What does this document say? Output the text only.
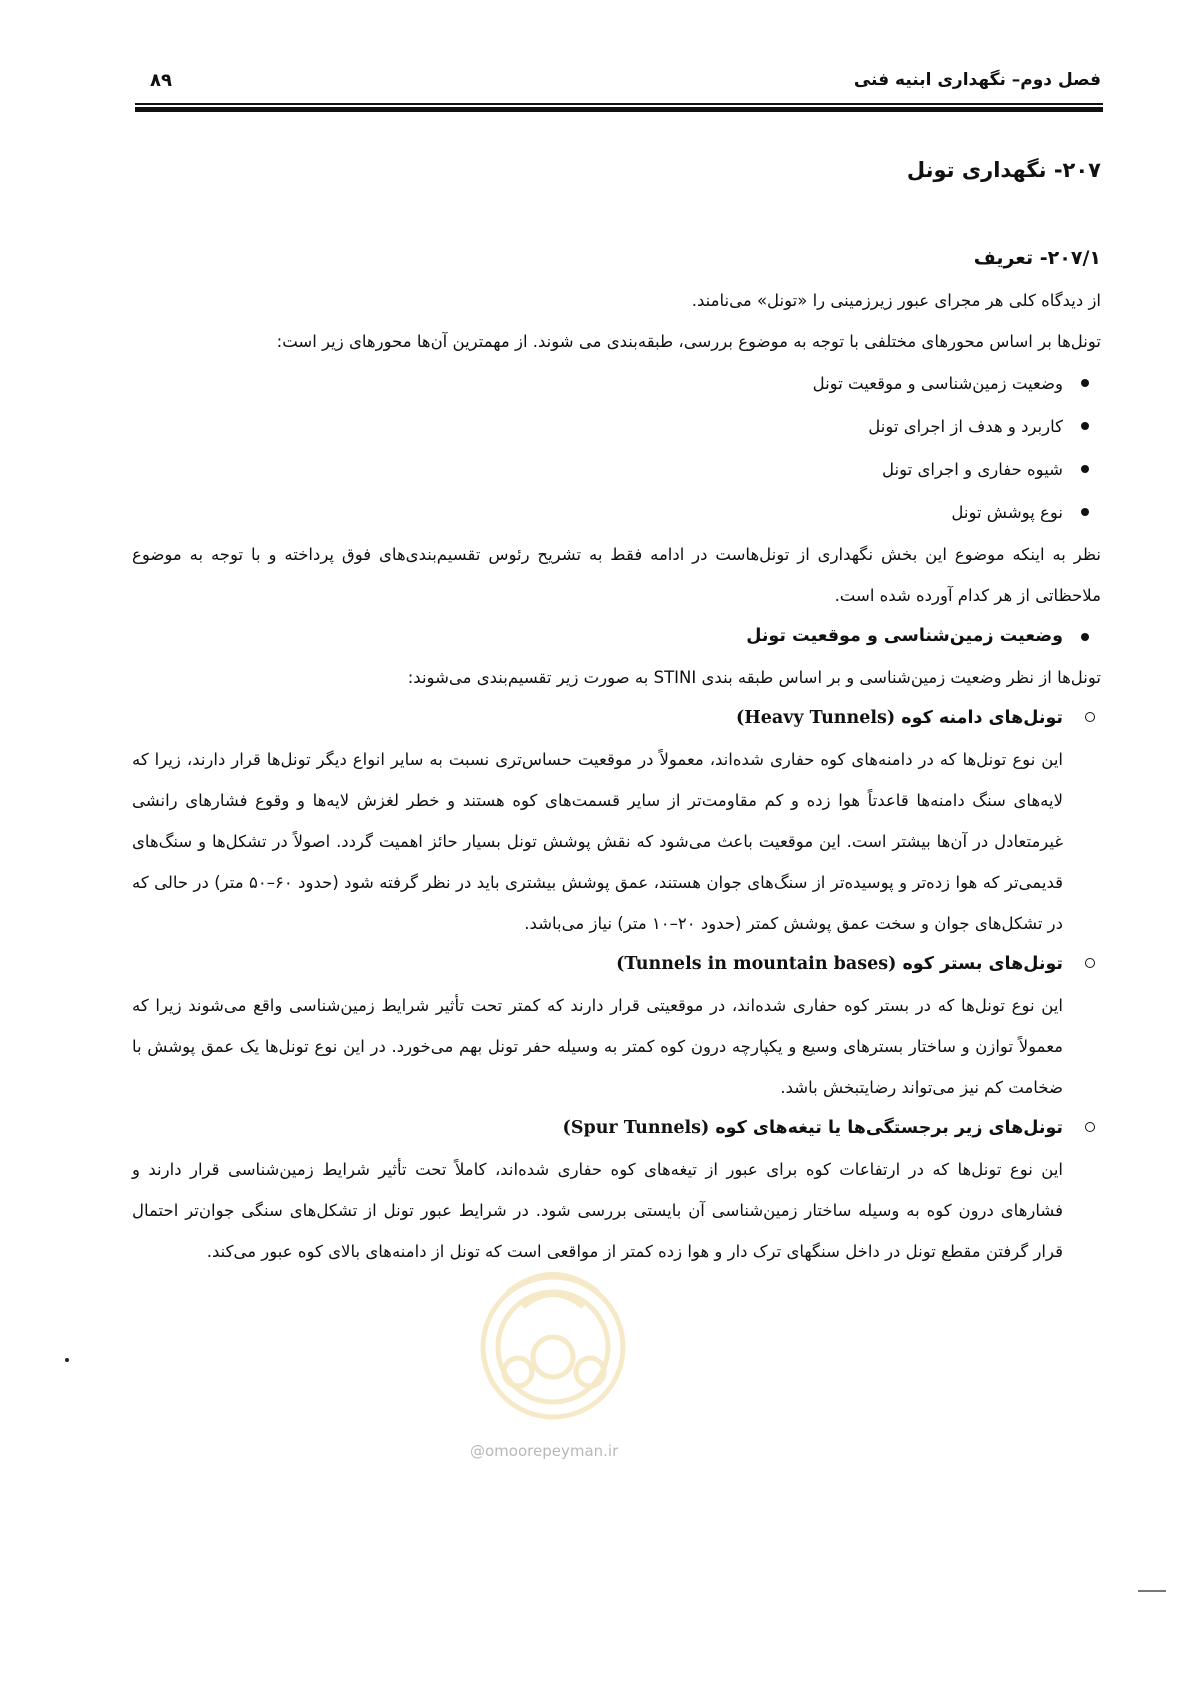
فصل دوم– نگهداری ابنیه فنی
۸۹
۲۰۷- نگهداری تونل
۲۰۷/۱- تعریف

از دیدگاه کلی هر مجرای عبور زیرزمینی را «تونل» می‌نامند.

تونل‌ها بر اساس محورهای مختلفی با توجه به موضوع بررسی، طبقه‌بندی می شوند. از مهمترین آن‌ها محورهای زیر است:

وضعیت زمین‌شناسی و موقعیت تونل
کاربرد و هدف از اجرای تونل
شیوه حفاری و اجرای تونل
نوع پوشش تونل

نظر به اینکه موضوع این بخش نگهداری از تونل‌هاست در ادامه فقط به تشریح رئوس تقسیم‌بندی‌های فوق پرداخته و با توجه به موضوع ملاحظاتی از هر کدام آورده شده است.

وضعیت زمین‌شناسی و موقعیت تونل

تونل‌ها از نظر وضعیت زمین‌شناسی و بر اساس طبقه بندی STINI به صورت زیر تقسیم‌بندی می‌شوند:

تونل‌های دامنه کوه (Heavy Tunnels)

این نوع تونل‌ها که در دامنه‌های کوه حفاری شده‌اند، معمولاً در موقعیت حساس‌تری نسبت به سایر انواع دیگر تونل‌ها قرار دارند، زیرا که لایه‌های سنگ دامنه‌ها قاعدتاً هوا زده و کم مقاومت‌تر از سایر قسمت‌های کوه هستند و خطر لغزش لایه‌ها و وقوع فشارهای رانشی غیرمتعادل در آن‌ها بیشتر است. این موقعیت باعث می‌شود که نقش پوشش تونل بسیار حائز اهمیت گردد. اصولاً در تشکل‌ها و سنگ‌های قدیمی‌تر که هوا زده‌تر و پوسیده‌تر از سنگ‌های جوان هستند، عمق پوشش بیشتری باید در نظر گرفته شود (حدود ۶۰–۵۰ متر) در حالی که در تشکل‌های جوان و سخت عمق پوشش کمتر (حدود ۲۰–۱۰ متر) نیاز می‌باشد.

تونل‌های بستر کوه (Tunnels in mountain bases)

این نوع تونل‌ها که در بستر کوه حفاری شده‌اند، در موقعیتی قرار دارند که کمتر تحت تأثیر شرایط زمین‌شناسی واقع می‌شوند زیرا که معمولاً توازن و ساختار بسترهای وسیع و یکپارچه درون کوه کمتر به وسیله حفر تونل بهم می‌خورد. در این نوع تونل‌ها یک عمق پوشش با ضخامت کم نیز می‌تواند رضایتبخش باشد.

تونل‌های زیر برجستگی‌ها یا تیغه‌های کوه (Spur Tunnels)

این نوع تونل‌ها که در ارتفاعات کوه برای عبور از تیغه‌های کوه حفاری شده‌اند، کاملاً تحت تأثیر شرایط زمین‌شناسی قرار دارند و فشارهای درون کوه به وسیله ساختار زمین‌شناسی آن بایستی بررسی شود. در شرایط عبور تونل از تشکل‌های سنگی جوان‌تر احتمال قرار گرفتن مقطع تونل در داخل سنگهای ترک دار و هوا زده کمتر از مواقعی است که تونل از دامنه‌های بالای کوه عبور می‌کند.

@omoorepeyman.ir
